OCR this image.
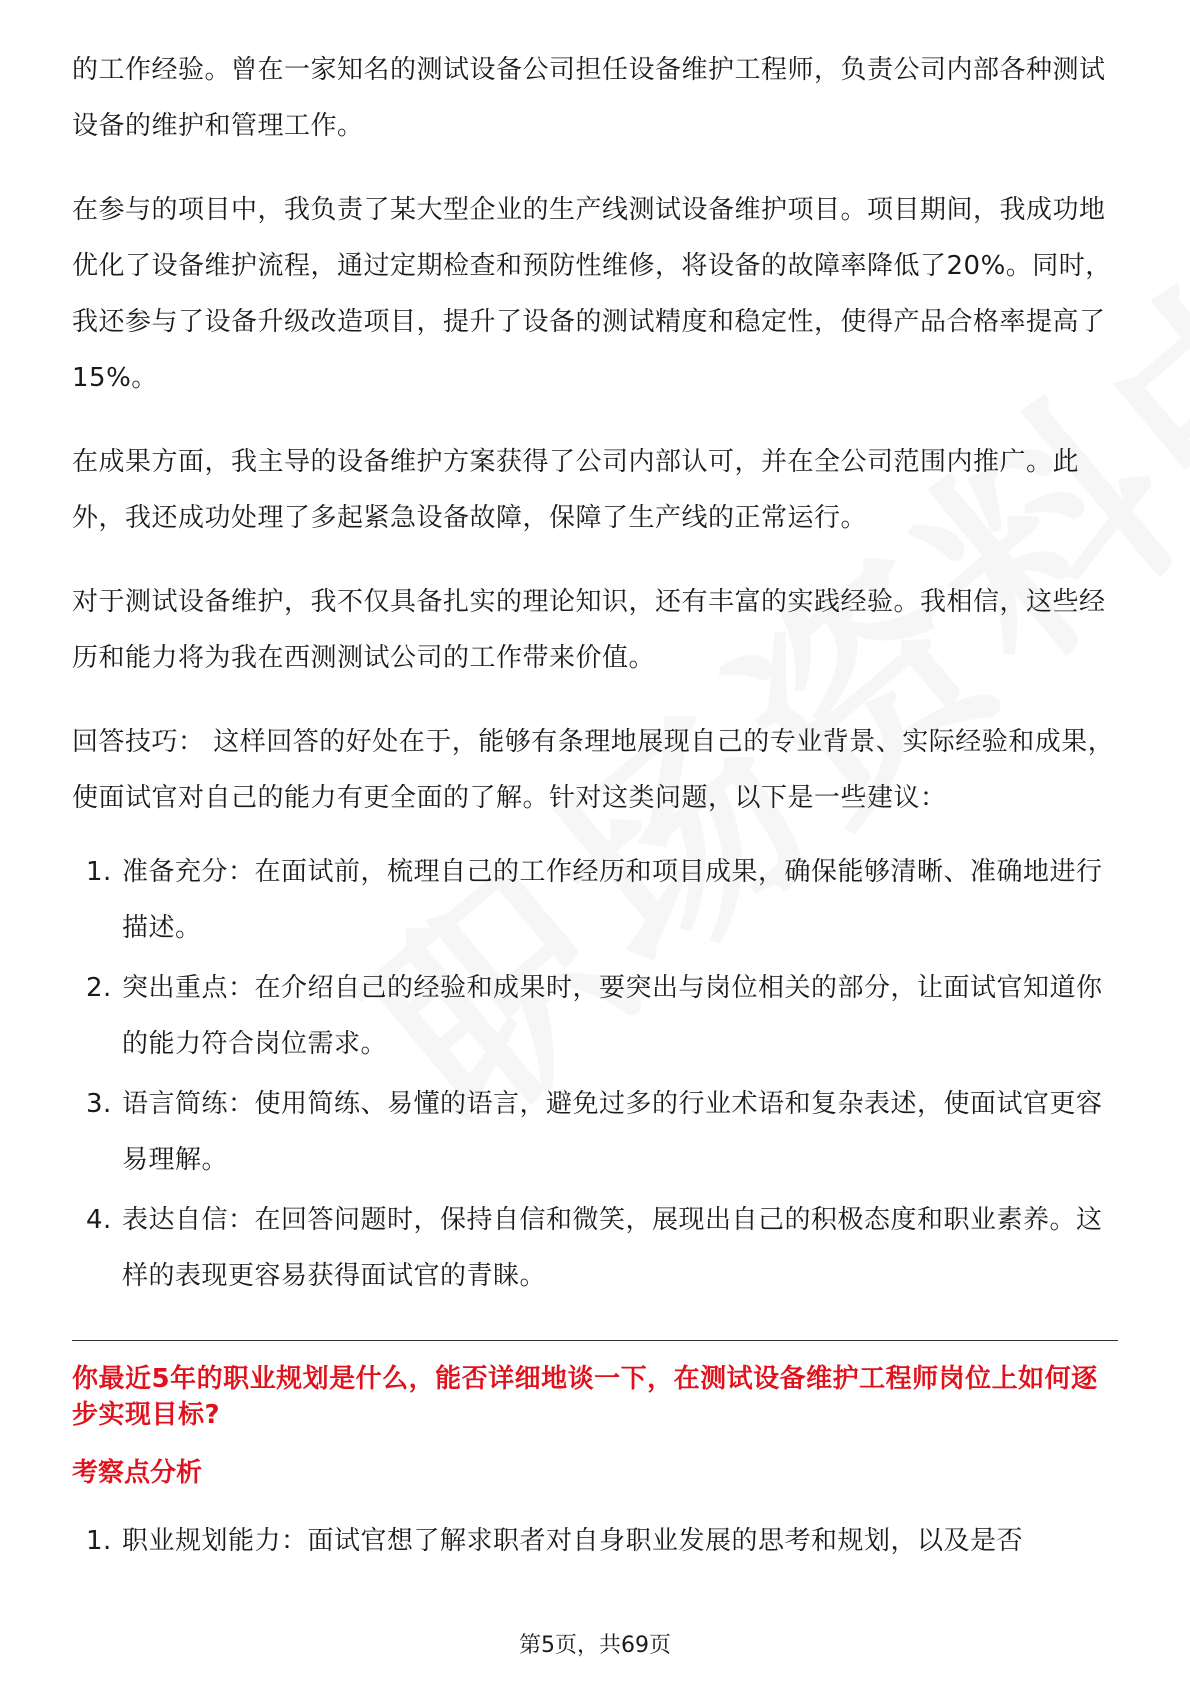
的工作经验。曾在一家知名的测试设备公司担任设备维护工程师，负责公司内部各种测试设备的维护和管理工作。

在参与的项目中，我负责了某大型企业的生产线测试设备维护项目。项目期间，我成功地优化了设备维护流程，通过定期检查和预防性维修，将设备的故障率降低了20%。同时，我还参与了设备升级改造项目，提升了设备的测试精度和稳定性，使得产品合格率提高了15%。

在成果方面，我主导的设备维护方案获得了公司内部认可，并在全公司范围内推广。此外，我还成功处理了多起紧急设备故障，保障了生产线的正常运行。

对于测试设备维护，我不仅具备扎实的理论知识，还有丰富的实践经验。我相信，这些经历和能力将为我在西测测试公司的工作带来价值。

回答技巧： 这样回答的好处在于，能够有条理地展现自己的专业背景、实际经验和成果，使面试官对自己的能力有更全面的了解。针对这类问题，以下是一些建议：

1. 准备充分：在面试前，梳理自己的工作经历和项目成果，确保能够清晰、准确地进行描述。
2. 突出重点：在介绍自己的经验和成果时，要突出与岗位相关的部分，让面试官知道你的能力符合岗位需求。
3. 语言简练：使用简练、易懂的语言，避免过多的行业术语和复杂表述，使面试官更容易理解。
4. 表达自信：在回答问题时，保持自信和微笑，展现出自己的积极态度和职业素养。这样的表现更容易获得面试官的青睐。
你最近5年的职业规划是什么，能否详细地谈一下，在测试设备维护工程师岗位上如何逐步实现目标?
考察点分析
1. 职业规划能力：面试官想了解求职者对自身职业发展的思考和规划，以及是否
第5页，共69页
